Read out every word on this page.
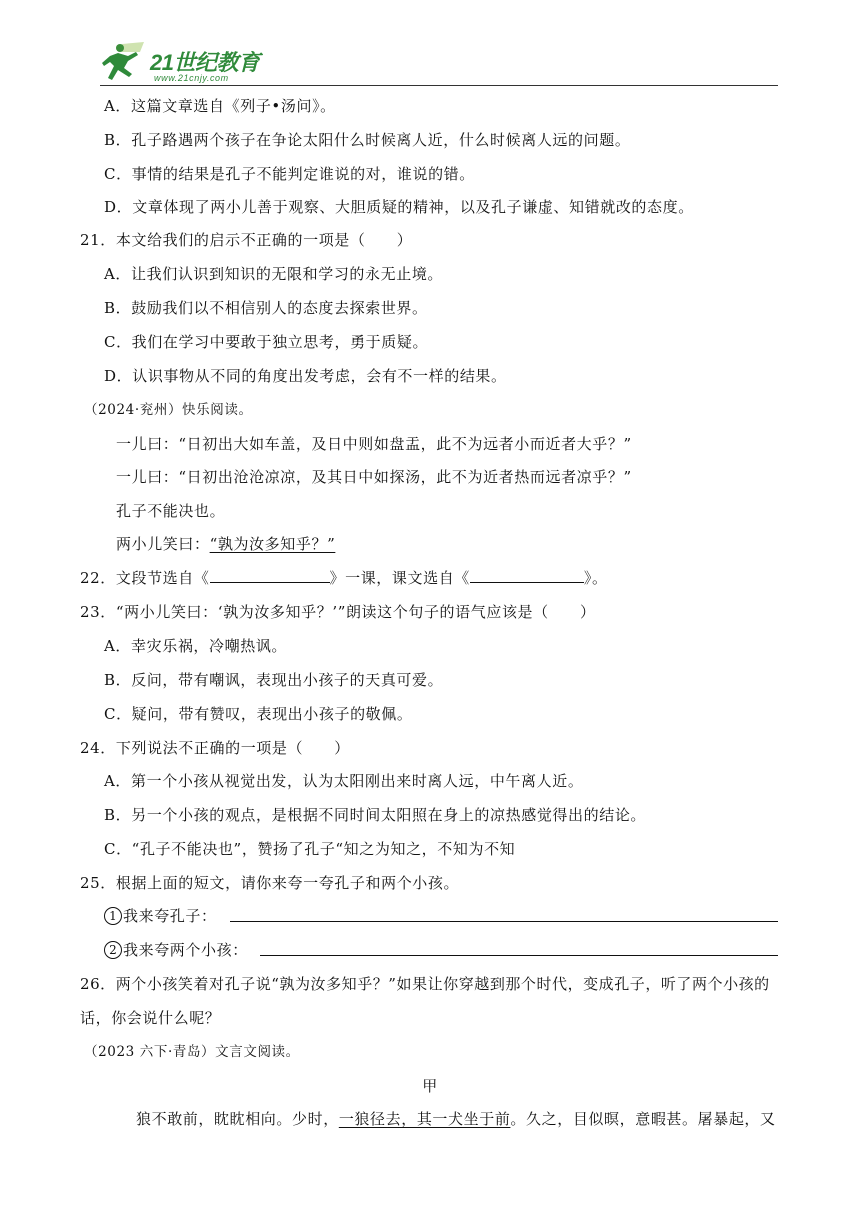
21世纪教育
www.21cnjy.com
A．这篇文章选自《列子•汤问》。
B．孔子路遇两个孩子在争论太阳什么时候离人近，什么时候离人远的问题。
C．事情的结果是孔子不能判定谁说的对，谁说的错。
D．文章体现了两小儿善于观察、大胆质疑的精神，以及孔子谦虚、知错就改的态度。
21．本文给我们的启示不正确的一项是（　　）
A．让我们认识到知识的无限和学习的永无止境。
B．鼓励我们以不相信别人的态度去探索世界。
C．我们在学习中要敢于独立思考，勇于质疑。
D．认识事物从不同的角度出发考虑，会有不一样的结果。
（2024·兖州）快乐阅读。
一儿曰：“日初出大如车盖，及日中则如盘盂，此不为远者小而近者大乎？”
一儿曰：“日初出沧沧凉凉，及其日中如探汤，此不为近者热而远者凉乎？”
孔子不能决也。
两小儿笑曰：“孰为汝多知乎？”
22．文段节选自《	》一课，课文选自《	》。
23．“两小儿笑曰：‘孰为汝多知乎？’”朗读这个句子的语气应该是（　　）
A．幸灾乐祸，冷嘲热讽。
B．反问，带有嘲讽，表现出小孩子的天真可爱。
C．疑问，带有赞叹，表现出小孩子的敬佩。
24．下列说法不正确的一项是（　　）
A．第一个小孩从视觉出发，认为太阳刚出来时离人远，中午离人近。
B．另一个小孩的观点，是根据不同时间太阳照在身上的凉热感觉得出的结论。
C．“孔子不能决也”，赞扬了孔子“知之为知之，不知为不知
25．根据上面的短文，请你来夸一夸孔子和两个小孩。
1 我来夸孔子：
2 我来夸两个小孩：
26．两个小孩笑着对孔子说“孰为汝多知乎？”如果让你穿越到那个时代，变成孔子，听了两个小孩的
话，你会说什么呢？
（2023 六下·青岛）文言文阅读。
甲
狼不敢前，眈眈相向。少时，一狼径去，其一犬坐于前。久之，目似暝，意暇甚。屠暴起，又
